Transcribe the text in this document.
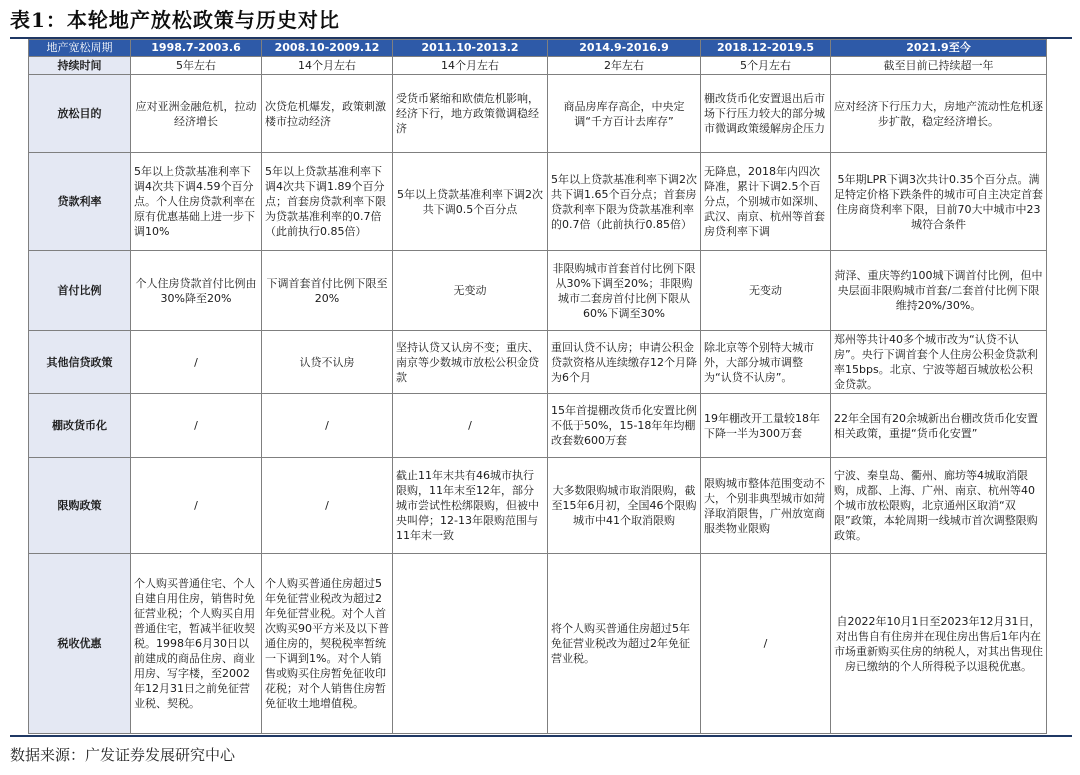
表1：本轮地产放松政策与历史对比
地产宽松周期	1998.7-2003.6	2008.10-2009.12	2011.10-2013.2	2014.9-2016.9	2018.12-2019.5	2021.9至今
持续时间	5年左右	14个月左右	14个月左右	2年左右	5个月左右	截至目前已持续超一年
放松目的	应对亚洲金融危机，拉动经济增长	次贷危机爆发，政策刺激楼市拉动经济	受货币紧缩和欧债危机影响，经济下行，地方政策微调稳经济	商品房库存高企，中央定调“千方百计去库存”	棚改货币化安置退出后市场下行压力较大的部分城市微调政策缓解房企压力	应对经济下行压力大，房地产流动性危机逐步扩散，稳定经济增长。
贷款利率	5年以上贷款基准利率下调4次共下调4.59个百分点。个人住房贷款利率在原有优惠基础上进一步下调10%	5年以上贷款基准利率下调4次共下调1.89个百分点；首套房贷款利率下限为贷款基准利率的0.7倍（此前执行0.85倍）	5年以上贷款基准利率下调2次共下调0.5个百分点	5年以上贷款基准利率下调2次共下调1.65个百分点；首套房贷款利率下限为贷款基准利率的0.7倍（此前执行0.85倍）	无降息，2018年内四次降准，累计下调2.5个百分点，个别城市如深圳、武汉、南京、杭州等首套房贷利率下调	5年期LPR下调3次共计0.35个百分点。满足特定价格下跌条件的城市可自主决定首套住房商贷利率下限，目前70大中城市中23城符合条件
首付比例	个人住房贷款首付比例由30%降至20%	下调首套首付比例下限至20%	无变动	非限购城市首套首付比例下限从30%下调至20%；非限购城市二套房首付比例下限从60%下调至30%	无变动	菏泽、重庆等约100城下调首付比例，但中央层面非限购城市首套/二套首付比例下限维持20%/30%。
其他信贷政策	/	认贷不认房	坚持认贷又认房不变；重庆、南京等少数城市放松公积金贷款	重回认贷不认房；申请公积金贷款资格从连续缴存12个月降为6个月	除北京等个别特大城市外，大部分城市调整为“认贷不认房”。	郑州等共计40多个城市改为“认贷不认房”。央行下调首套个人住房公积金贷款利率15bps。北京、宁波等超百城放松公积金贷款。
棚改货币化	/	/	/	15年首提棚改货币化安置比例不低于50%，15-18年年均棚改套数600万套	19年棚改开工量较18年下降一半为300万套	22年全国有20余城新出台棚改货币化安置相关政策，重提“货币化安置”
限购政策	/	/	截止11年末共有46城市执行限购，11年末至12年，部分城市尝试性松绑限购，但被中央叫停；12-13年限购范围与11年末一致	大多数限购城市取消限购，截至15年6月初，全国46个限购城市中41个取消限购	限购城市整体范围变动不大，个别非典型城市如菏泽取消限售，广州放宽商服类物业限购	宁波、秦皇岛、衢州、廊坊等4城取消限购，成都、上海、广州、南京、杭州等40个城市放松限购，北京通州区取消“双限”政策，本轮周期一线城市首次调整限购政策。
税收优惠	个人购买普通住宅、个人自建自用住房，销售时免征营业税；个人购买自用普通住宅，暂减半征收契税。1998年6月30日以前建成的商品住房、商业用房、写字楼，至2002年12月31日之前免征营业税、契税。	个人购买普通住房超过5年免征营业税改为超过2年免征营业税。对个人首次购买90平方米及以下普通住房的，契税税率暂统一下调到1%。对个人销售或购买住房暂免征收印花税；对个人销售住房暂免征收土地增值税。		将个人购买普通住房超过5年免征营业税改为超过2年免征营业税。	/	自2022年10月1日至2023年12月31日，对出售自有住房并在现住房出售后1年内在市场重新购买住房的纳税人，对其出售现住房已缴纳的个人所得税予以退税优惠。
数据来源：广发证券发展研究中心
